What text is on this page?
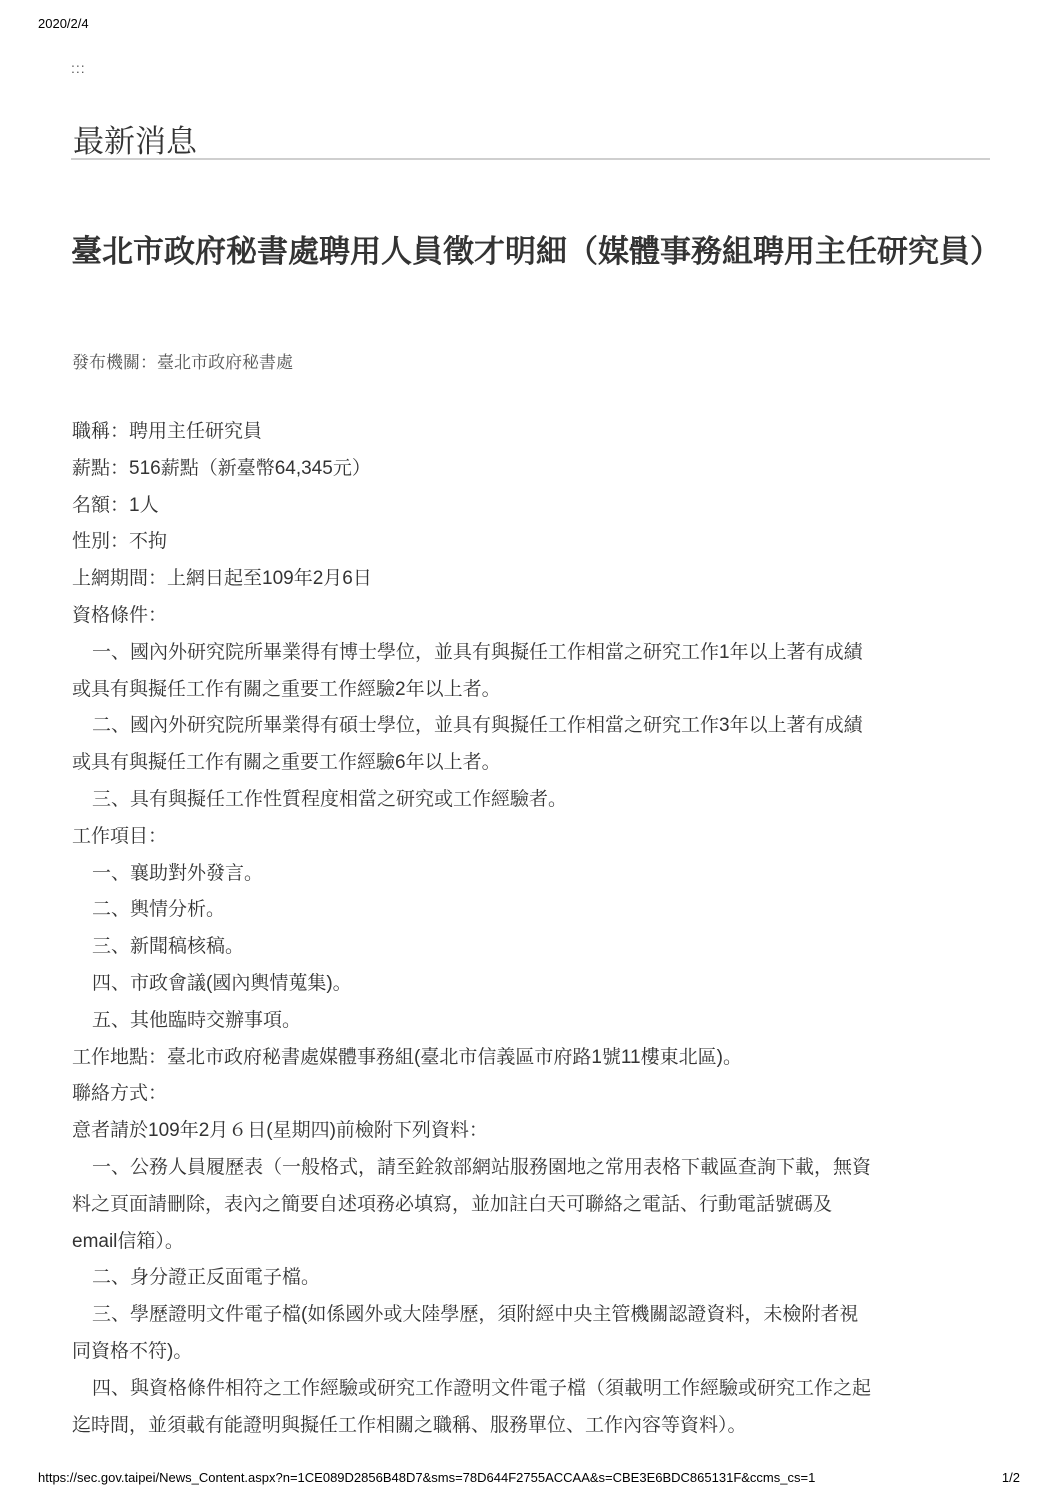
2020/2/4
:::
最新消息
臺北市政府秘書處聘用人員徵才明細（媒體事務組聘用主任研究員）
發布機關：臺北市政府秘書處
職稱：聘用主任研究員
薪點：516薪點（新臺幣64,345元）
名額：1人
性別：不拘
上網期間：上網日起至109年2月6日
資格條件：
一、國內外研究院所畢業得有博士學位，並具有與擬任工作相當之研究工作1年以上著有成績
或具有與擬任工作有關之重要工作經驗2年以上者。
二、國內外研究院所畢業得有碩士學位，並具有與擬任工作相當之研究工作3年以上著有成績
或具有與擬任工作有關之重要工作經驗6年以上者。
三、具有與擬任工作性質程度相當之研究或工作經驗者。
工作項目：
一、襄助對外發言。
二、輿情分析。
三、新聞稿核稿。
四、市政會議(國內輿情蒐集)。
五、其他臨時交辦事項。
工作地點：臺北市政府秘書處媒體事務組(臺北市信義區市府路1號11樓東北區)。
聯絡方式：
意者請於109年2月６日(星期四)前檢附下列資料：
一、公務人員履歷表（一般格式，請至銓敘部網站服務園地之常用表格下載區查詢下載，無資
料之頁面請刪除，表內之簡要自述項務必填寫，並加註白天可聯絡之電話、行動電話號碼及
email信箱）。
二、身分證正反面電子檔。
三、學歷證明文件電子檔(如係國外或大陸學歷，須附經中央主管機關認證資料，未檢附者視
同資格不符)。
四、與資格條件相符之工作經驗或研究工作證明文件電子檔（須載明工作經驗或研究工作之起
迄時間，並須載有能證明與擬任工作相關之職稱、服務單位、工作內容等資料）。
https://sec.gov.taipei/News_Content.aspx?n=1CE089D2856B48D7&sms=78D644F2755ACCAA&s=CBE3E6BDC865131F&ccms_cs=1	1/2
